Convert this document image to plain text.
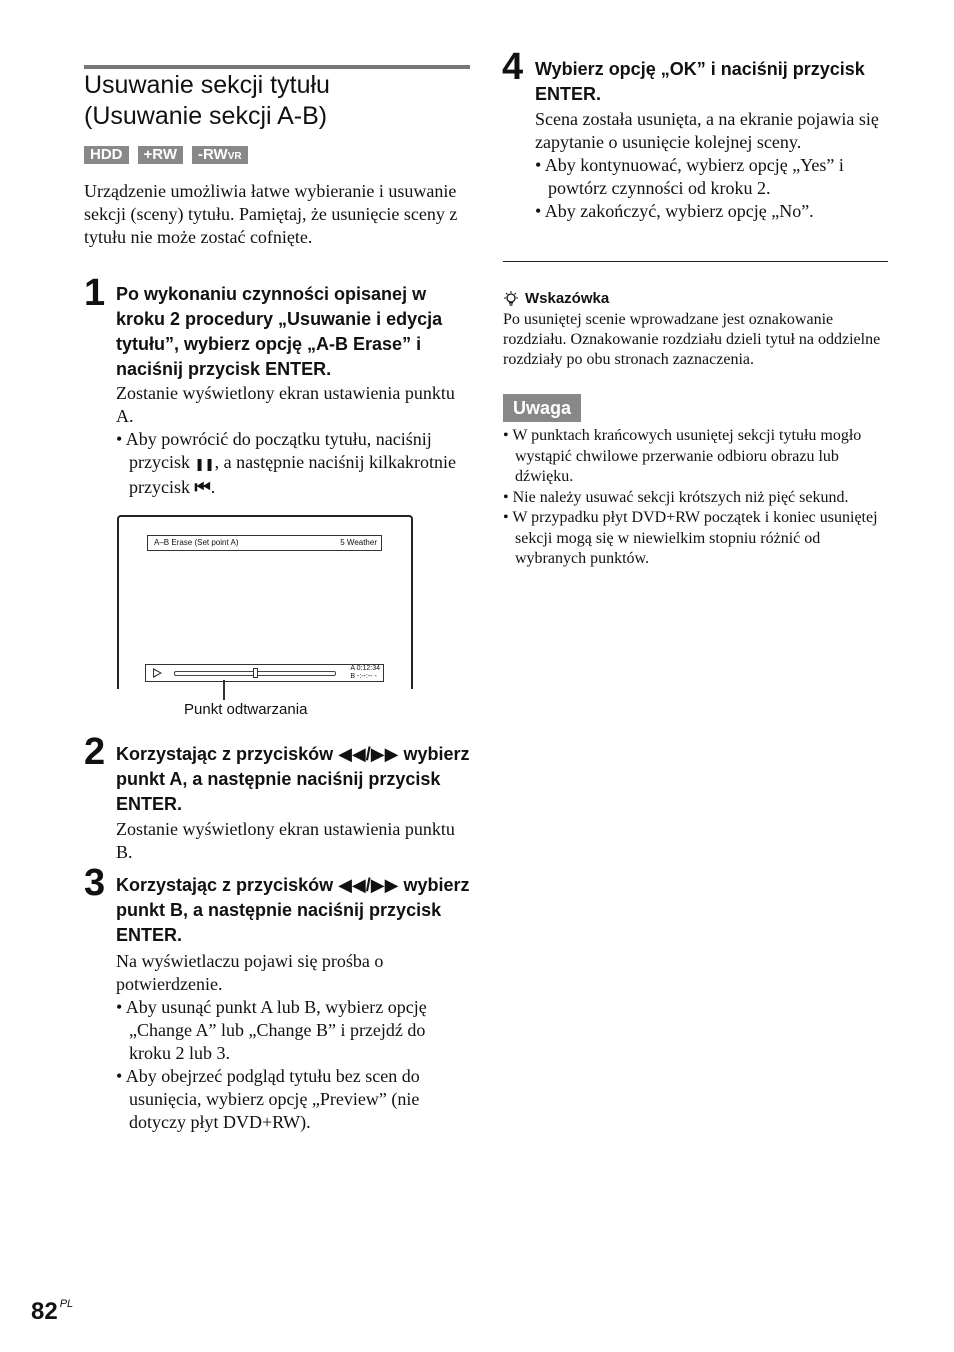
Usuwanie sekcji tytułu
(Usuwanie sekcji A-B)
HDD	+RW	-RWVR
Urządzenie umożliwia łatwe wybieranie i usuwanie sekcji (sceny) tytułu. Pamiętaj, że usunięcie sceny z tytułu nie może zostać cofnięte.
1 Po wykonaniu czynności opisanej w kroku 2 procedury „Usuwanie i edycja tytułu”, wybierz opcję „A-B Erase” i naciśnij przycisk ENTER.

Zostanie wyświetlony ekran ustawienia punktu A.

• Aby powrócić do początku tytułu, naciśnij przycisk ❚❚, a następnie naciśnij kilkakrotnie przycisk ⏮.

A–B Erase (Set point A)	5 Weather
A 0:12:34
B -:--:-- -
Punkt odtwarzania
2 Korzystając z przycisków ◀◀/▶▶ wybierz punkt A, a następnie naciśnij przycisk ENTER.
Zostanie wyświetlony ekran ustawienia punktu B.
3 Korzystając z przycisków ◀◀/▶▶ wybierz punkt B, a następnie naciśnij przycisk ENTER.

Na wyświetlaczu pojawi się prośba o potwierdzenie.

• Aby usunąć punkt A lub B, wybierz opcję „Change A” lub „Change B” i przejdź do kroku 2 lub 3.

• Aby obejrzeć podgląd tytułu bez scen do usunięcia, wybierz opcję „Preview” (nie dotyczy płyt DVD+RW).

4 Wybierz opcję „OK” i naciśnij przycisk ENTER.

Scena została usunięta, a na ekranie pojawia się zapytanie o usunięcie kolejnej sceny.

• Aby kontynuować, wybierz opcję „Yes” i powtórz czynności od kroku 2.

• Aby zakończyć, wybierz opcję „No”.

Wskazówka
Po usuniętej scenie wprowadzane jest oznakowanie rozdziału. Oznakowanie rozdziału dzieli tytuł na oddzielne rozdziały po obu stronach zaznaczenia.
Uwaga

• W punktach krańcowych usuniętej sekcji tytułu mogło wystąpić chwilowe przerwanie odbioru obrazu lub dźwięku.

• Nie należy usuwać sekcji krótszych niż pięć sekund.

• W przypadku płyt DVD+RW początek i koniec usuniętej sekcji mogą się w niewielkim stopniu różnić od wybranych punktów.

82 $^{PL}$
